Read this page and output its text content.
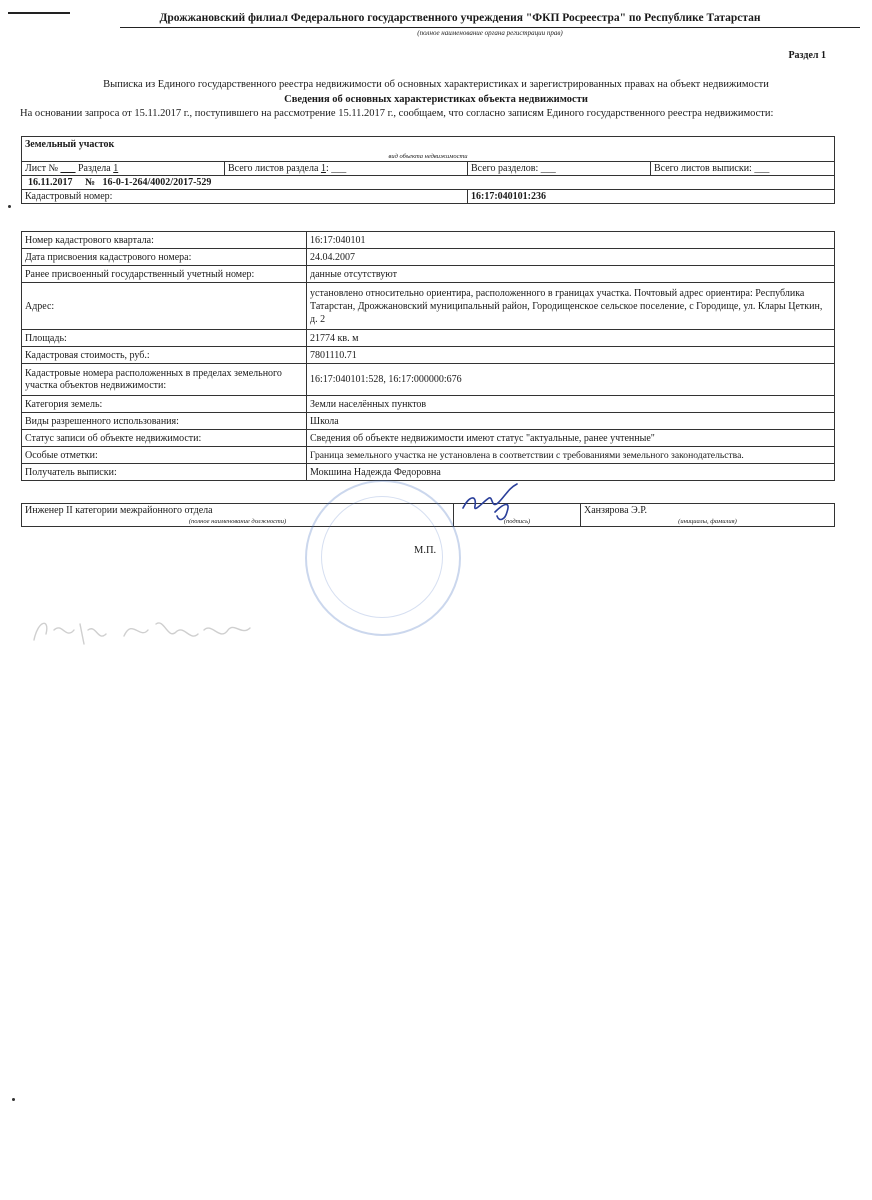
Дрожжановский филиал Федерального государственного учреждения "ФКП Росреестра" по Республике Татарстан
(полное наименование органа регистрации прав)
Раздел 1
Выписка из Единого государственного реестра недвижимости об основных характеристиках и зарегистрированных правах на объект недвижимости
Сведения об основных характеристиках объекта недвижимости
На основании запроса от 15.11.2017 г., поступившего на рассмотрение 15.11.2017 г., сообщаем, что согласно записям Единого государственного реестра недвижимости:
Земельный участок			
вид объекта недвижимости			
Лист № ___ Раздела 1	Всего листов раздела 1: ___	Всего разделов: ___	Всего листов выписки: ___
16.11.2017 № 16-0-1-264/4002/2017-529			
Кадастровый номер:		16:17:040101:236	
Номер кадастрового квартала:	16:17:040101
Дата присвоения кадастрового номера:	24.04.2007
Ранее присвоенный государственный учетный номер:	данные отсутствуют
Адрес:	установлено относительно ориентира, расположенного в границах участка. Почтовый адрес ориентира: Республика Татарстан, Дрожжановский муниципальный район, Городищенское сельское поселение, с Городище, ул. Клары Цеткин, д. 2
Площадь:	21774 кв. м
Кадастровая стоимость, руб.:	7801110.71
Кадастровые номера расположенных в пределах земельного участка объектов недвижимости:	16:17:040101:528, 16:17:000000:676
Категория земель:	Земли населённых пунктов
Виды разрешенного использования:	Школа
Статус записи об объекте недвижимости:	Сведения об объекте недвижимости имеют статус "актуальные, ранее учтенные"
Особые отметки:	Граница земельного участка не установлена в соответствии с требованиями земельного законодательства.
Получатель выписки:	Мокшина Надежда Федоровна
Инженер II категории межрайонного отдела		Ханзярова Э.Р.
(полное наименование должности)	(подпись)	(инициалы, фамилия)
М.П.
